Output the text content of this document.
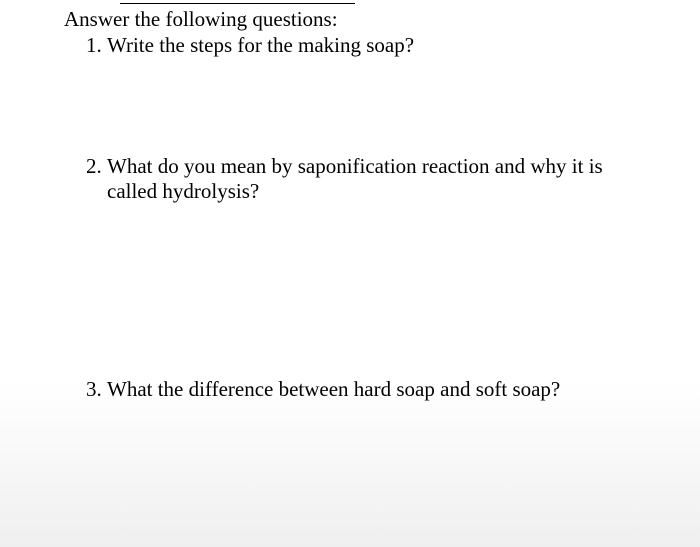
Answer the following questions:
1. Write the steps for the making soap?
2. What do you mean by saponification reaction and why it is
called hydrolysis?
3. What the difference between hard soap and soft soap?
